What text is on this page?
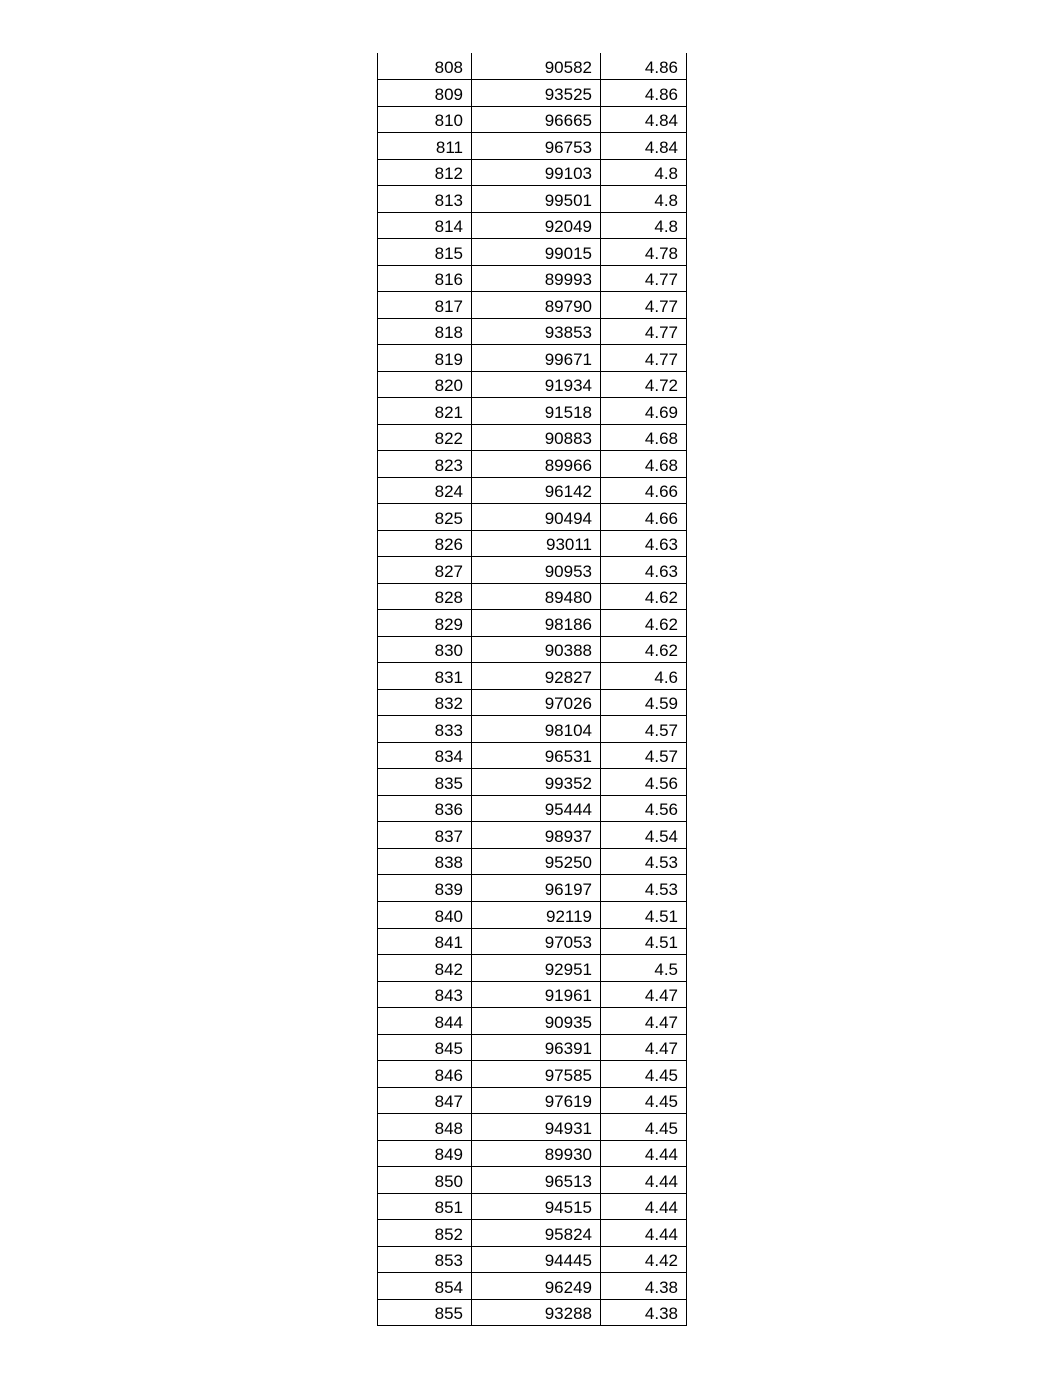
808	90582	4.86
809	93525	4.86
810	96665	4.84
811	96753	4.84
812	99103	4.8
813	99501	4.8
814	92049	4.8
815	99015	4.78
816	89993	4.77
817	89790	4.77
818	93853	4.77
819	99671	4.77
820	91934	4.72
821	91518	4.69
822	90883	4.68
823	89966	4.68
824	96142	4.66
825	90494	4.66
826	93011	4.63
827	90953	4.63
828	89480	4.62
829	98186	4.62
830	90388	4.62
831	92827	4.6
832	97026	4.59
833	98104	4.57
834	96531	4.57
835	99352	4.56
836	95444	4.56
837	98937	4.54
838	95250	4.53
839	96197	4.53
840	92119	4.51
841	97053	4.51
842	92951	4.5
843	91961	4.47
844	90935	4.47
845	96391	4.47
846	97585	4.45
847	97619	4.45
848	94931	4.45
849	89930	4.44
850	96513	4.44
851	94515	4.44
852	95824	4.44
853	94445	4.42
854	96249	4.38
855	93288	4.38
